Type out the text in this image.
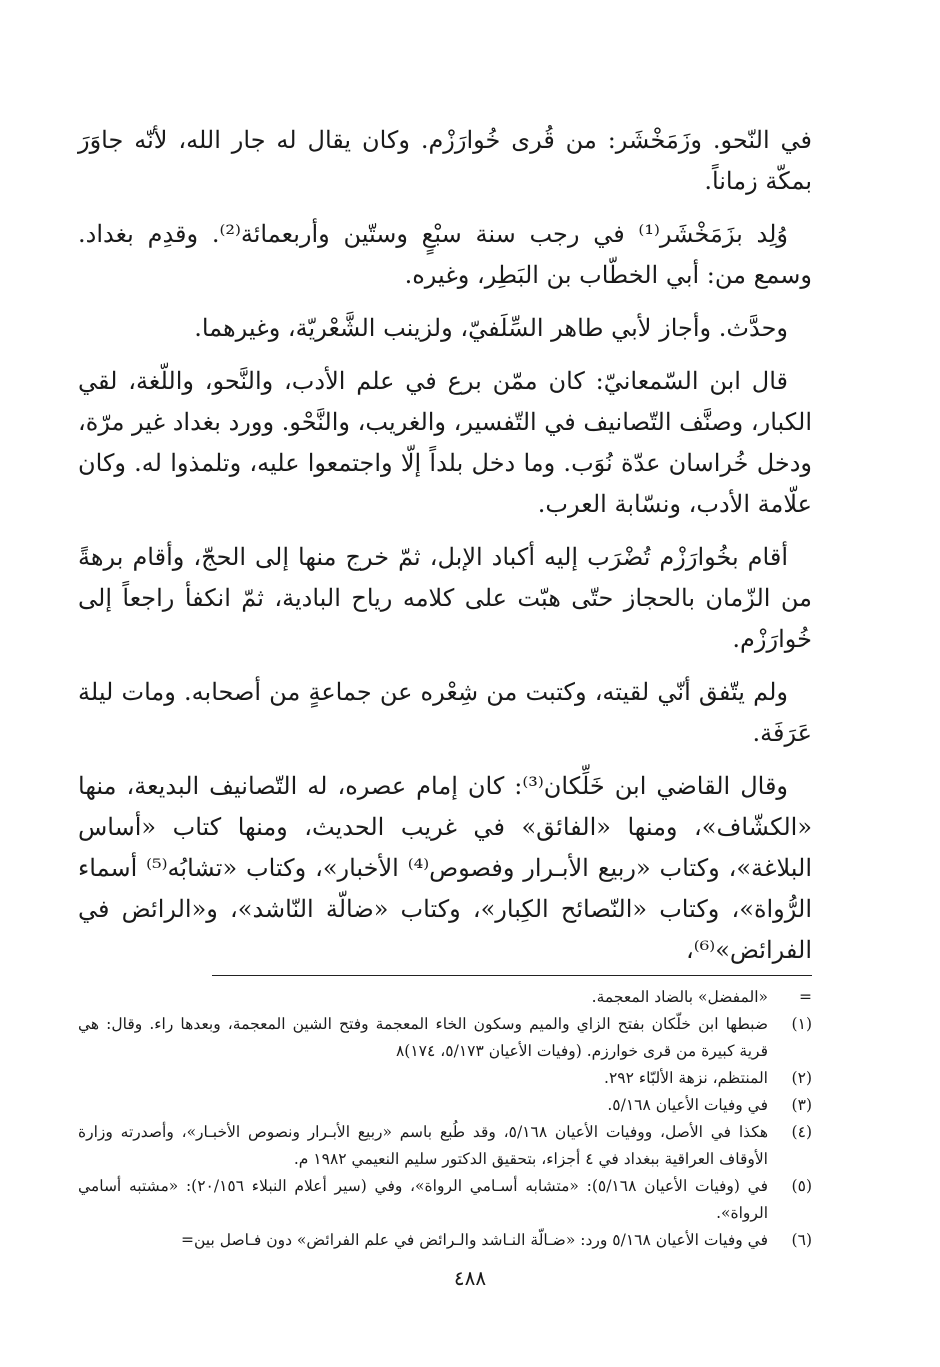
في النّحو. وزَمَخْشَر: من قُرى خُوارَزْم. وكان يقال له جار الله، لأنّه جاوَرَ بمكّة زماناً.

وُلِد بزَمَخْشَر⁽¹⁾ في رجب سنة سبْعٍ وستّين وأربعمائة⁽²⁾. وقدِم بغداد. وسمع من: أبي الخطّاب بن البَطِر، وغيره.

وحدَّث. وأجاز لأبي طاهر السِّلَفيّ، ولزينب الشَّعْريّة، وغيرهما.

قال ابن السّمعانيّ: كان ممّن برع في علم الأدب، والنَّحو، واللّغة، لقي الكبار، وصنَّف التّصانيف في التّفسير، والغريب، والنَّحْو. وورد بغداد غير مرّة، ودخل خُراسان عدّة نُوَب. وما دخل بلداً إلّا واجتمعوا عليه، وتلمذوا له. وكان علّامة الأدب، ونسّابة العرب.

أقام بخُوارَزْم تُضْرَب إليه أكباد الإبل، ثمّ خرج منها إلى الحجّ، وأقام برهةً من الزّمان بالحجاز حتّى هبّت على كلامه رياح البادية، ثمّ انكفأ راجعاً إلى خُوارَزْم.

ولم يتّفق أنّي لقيته، وكتبت من شِعْره عن جماعةٍ من أصحابه. ومات ليلة عَرَفَة.

وقال القاضي ابن خَلِّكان⁽³⁾: كان إمام عصره، له التّصانيف البديعة، منها «الكشّاف»، ومنها «الفائق» في غريب الحديث، ومنها كتاب «أساس البلاغة»، وكتاب «ربيع الأبـرار وفصوص⁽⁴⁾ الأخبار»، وكتاب «تشابُه⁽⁵⁾ أسماء الرُّواة»، وكتاب «النّصائح الكِبار»، وكتاب «ضالّة النّاشد»، و«الرائض في الفرائض»⁽⁶⁾،

=
«المفضل» بالضاد المعجمة.
(١)
ضبطها ابن خلّكان بفتح الزاي والميم وسكون الخاء المعجمة وفتح الشين المعجمة، وبعدها راء. وقال: هي قرية كبيرة من قرى خوارزم. (وفيات الأعيان ٥/١٧٣، ١٧٤)٨
(٢)
المنتظم، نزهة الألبّاء ٢٩٢.
(٣)
في وفيات الأعيان ٥/١٦٨.
(٤)
هكذا في الأصل، ووفيات الأعيان ٥/١٦٨، وقد طُبع باسم «ربيع الأبـرار ونصوص الأخبـار»، وأصدرته وزارة الأوقاف العراقية ببغداد في ٤ أجزاء، بتحقيق الدكتور سليم النعيمي ١٩٨٢ م.
(٥)
في (وفيات الأعيان ٥/١٦٨): «متشابه أسـامي الرواة»، وفي (سير أعلام النبلاء ٢٠/١٥٦): «مشتبه أسامي الرواة».
(٦)
في وفيات الأعيان ٥/١٦٨ ورد: «ضـالّة النـاشد والـرائض في علم الفرائض» دون فـاصل بين=
٤٨٨
